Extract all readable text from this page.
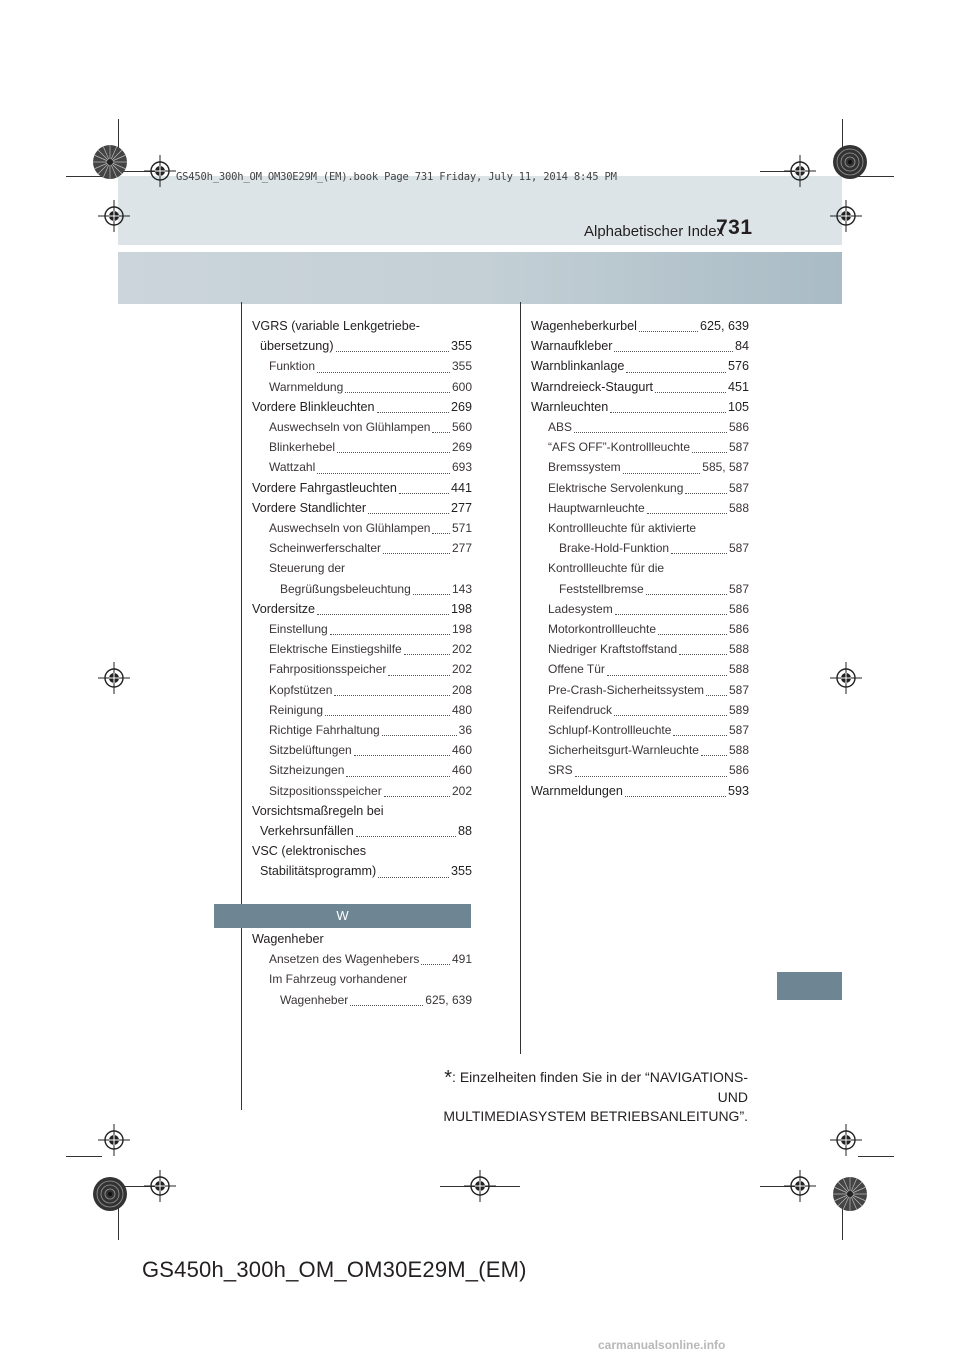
GS450h_300h_OM_OM30E29M_(EM).book Page 731 Friday, July 11, 2014 8:45 PM
Alphabetischer Index
731
VGRS (variable Lenkgetriebe-
übersetzung)	355
Funktion	355
Warnmeldung	600
Vordere Blinkleuchten	269
Auswechseln von Glühlampen 560
Blinkerhebel	269
Wattzahl	693
Vordere Fahrgastleuchten	441
Vordere Standlichter	277
Auswechseln von Glühlampen 571
Scheinwerferschalter	277
Steuerung der
Begrüßungsbeleuchtung	143
Vordersitze	198
Einstellung	198
Elektrische Einstiegshilfe	202
Fahrpositionsspeicher	202
Kopfstützen	208
Reinigung	480
Richtige Fahrhaltung	36
Sitzbelüftungen	460
Sitzheizungen	460
Sitzpositionsspeicher	202
Vorsichtsmaßregeln bei
Verkehrsunfällen	88
VSC (elektronisches
Stabilitätsprogramm)	355
W
Wagenheber
Ansetzen des Wagenhebers	491
Im Fahrzeug vorhandener
Wagenheber	625, 639
Wagenheberkurbel	625, 639
Warnaufkleber	84
Warnblinkanlage	576
Warndreieck-Staugurt	451
Warnleuchten	105
ABS	586
“AFS OFF”-Kontrollleuchte	587
Bremssystem	585, 587
Elektrische Servolenkung	587
Hauptwarnleuchte	588
Kontrollleuchte für aktivierte
Brake-Hold-Funktion	587
Kontrollleuchte für die
Feststellbremse	587
Ladesystem	586
Motorkontrollleuchte	586
Niedriger Kraftstoffstand	588
Offene Tür	588
Pre-Crash-Sicherheitssystem 587
Reifendruck	589
Schlupf-Kontrollleuchte	587
Sicherheitsgurt-Warnleuchte	588
SRS	586
Warnmeldungen	593
*: Einzelheiten finden Sie in der “NAVIGATIONS- UND
MULTIMEDIASYSTEM BETRIEBSANLEITUNG”.
GS450h_300h_OM_OM30E29M_(EM)
carmanualsonline.info
